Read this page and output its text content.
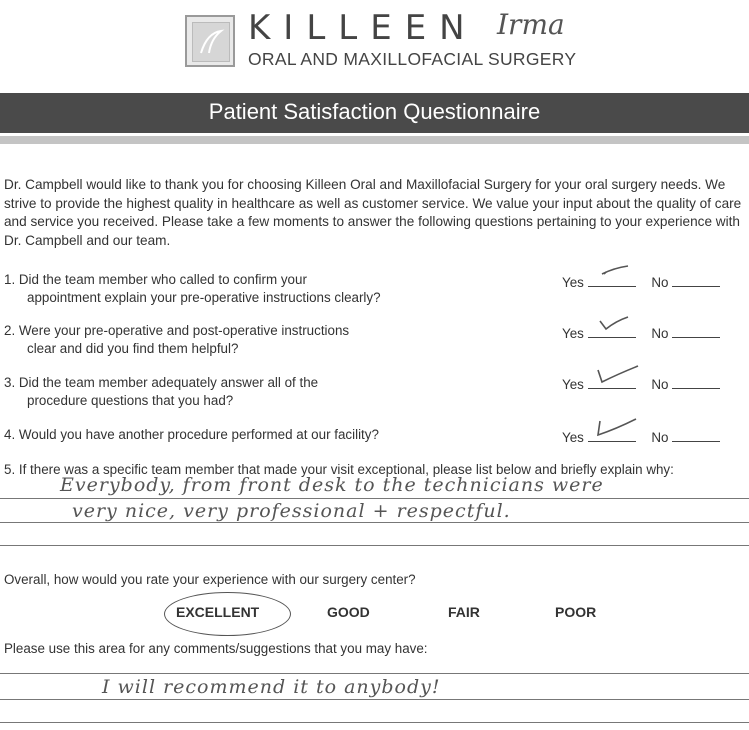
KILLEEN Irma
ORAL AND MAXILLOFACIAL SURGERY
Patient Satisfaction Questionnaire
Dr. Campbell would like to thank you for choosing Killeen Oral and Maxillofacial Surgery for your oral surgery needs. We strive to provide the highest quality in healthcare as well as customer service. We value your input about the quality of care and service you received. Please take a few moments to answer the following questions pertaining to your experience with Dr. Campbell and our team.
1. Did the team member who called to confirm your
appointment explain your pre-operative instructions clearly?
2. Were your pre-operative and post-operative instructions
clear and did you find them helpful?
3. Did the team member adequately answer all of the
procedure questions that you had?
4. Would you have another procedure performed at our facility?
Yes	No
Yes	No
Yes	No
Yes	No
5. If there was a specific team member that made your visit exceptional, please list below and briefly explain why:
Everybody, from front desk to the technicians were
very nice, very professional + respectful.
Overall, how would you rate your experience with our surgery center?
EXCELLENT	GOOD	FAIR	POOR
Please use this area for any comments/suggestions that you may have:
I will recommend it to anybody!
